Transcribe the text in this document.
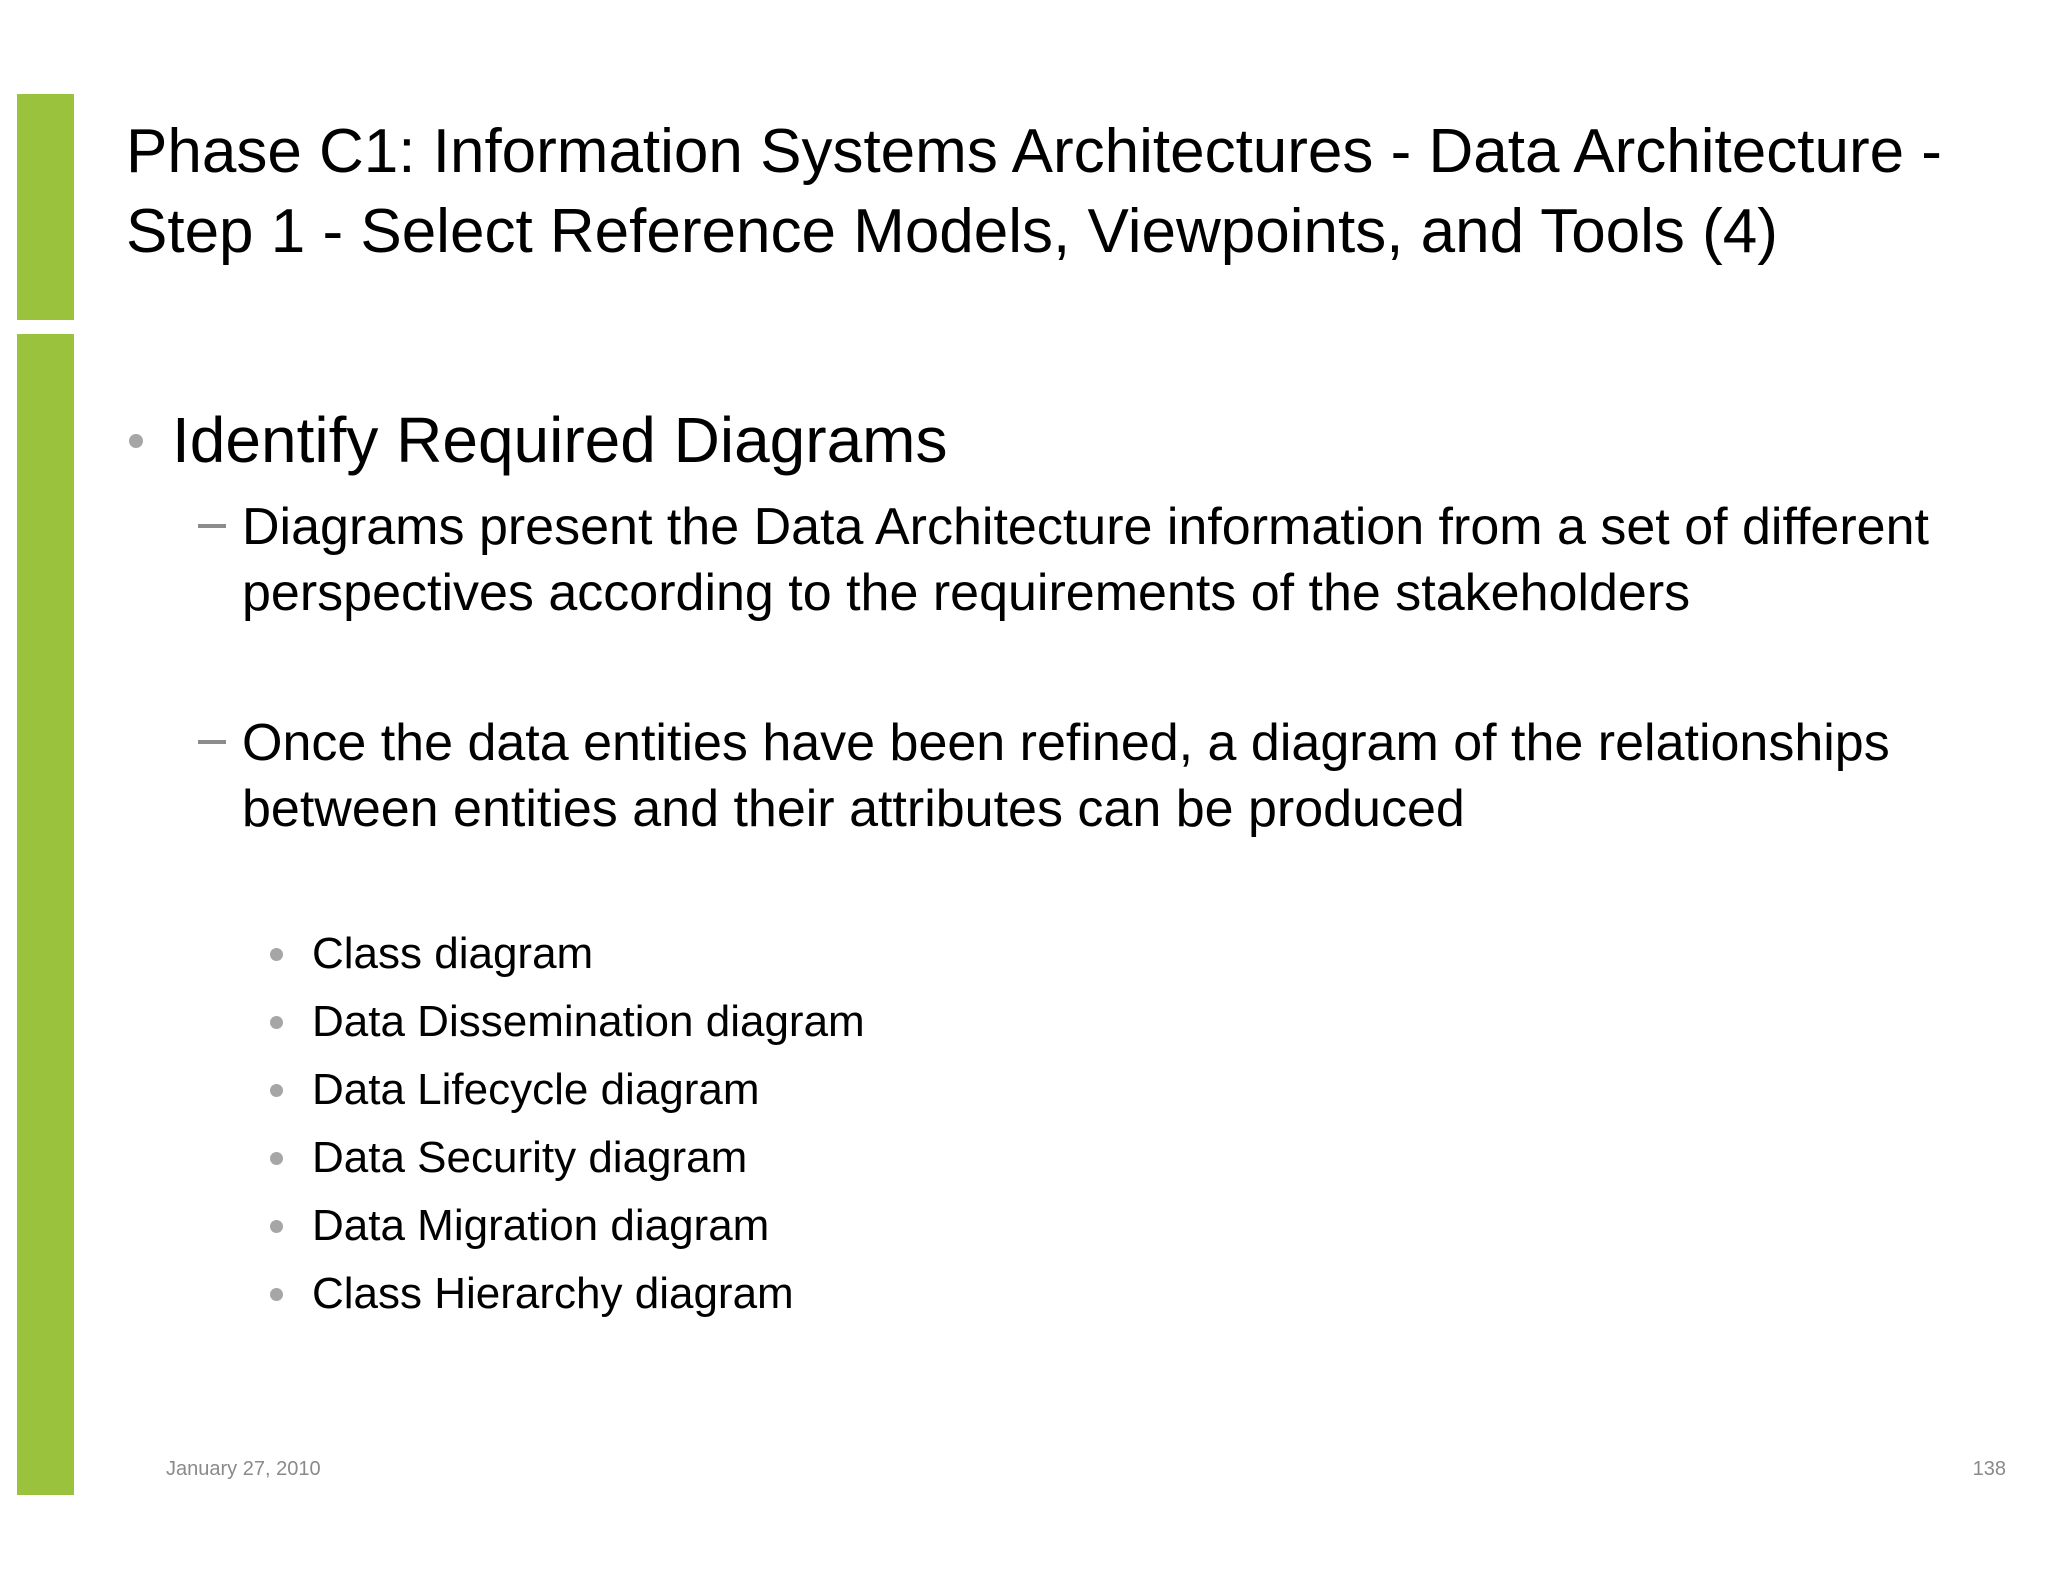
Phase C1: Information Systems Architectures - Data Architecture - Step 1 - Select Reference Models, Viewpoints, and Tools (4)
Identify Required Diagrams
Diagrams present the Data Architecture information from a set of different perspectives according to the requirements of the stakeholders
Once the data entities have been refined, a diagram of the relationships between entities and their attributes can be produced
Class diagram
Data Dissemination diagram
Data Lifecycle diagram
Data Security diagram
Data Migration diagram
Class Hierarchy diagram
January 27, 2010	138
